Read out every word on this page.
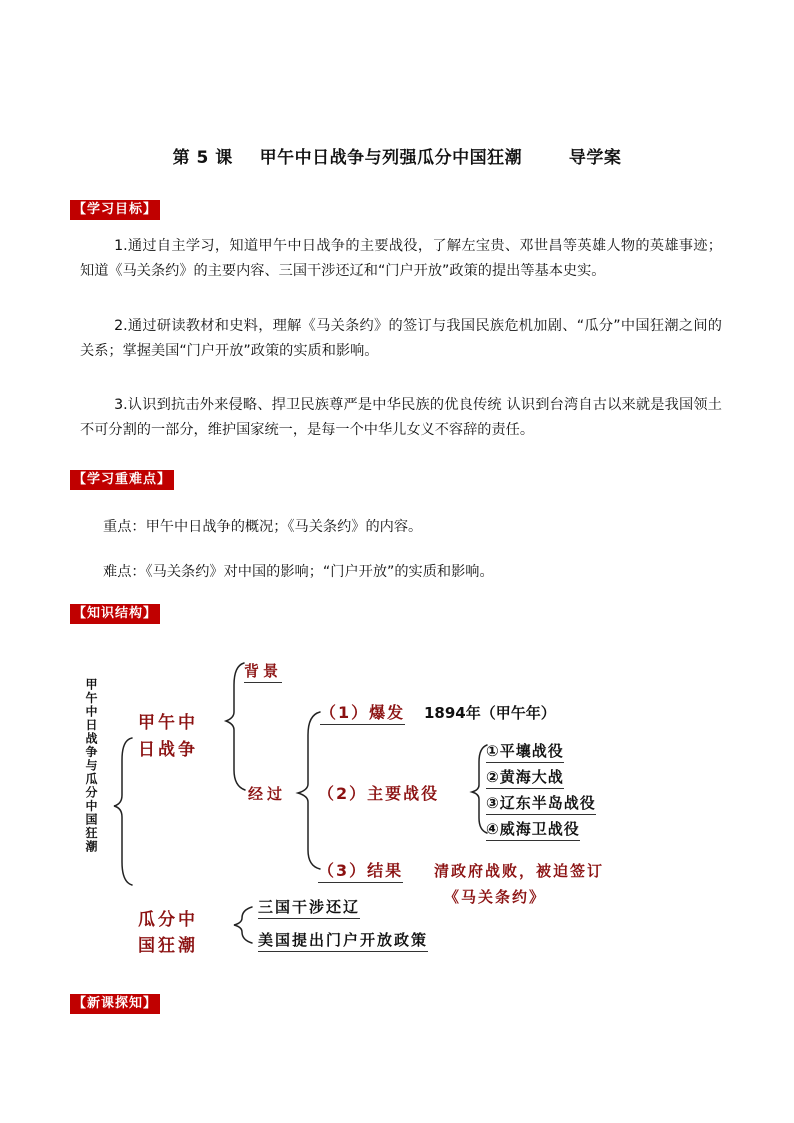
第 5 课 甲午中日战争与列强瓜分中国狂潮	导学案
【学习目标】
1.通过自主学习，知道甲午中日战争的主要战役，了解左宝贵、邓世昌等英雄人物的英雄事迹；知道《马关条约》的主要内容、三国干涉还辽和“门户开放”政策的提出等基本史实。
2.通过研读教材和史料，理解《马关条约》的签订与我国民族危机加剧、“瓜分”中国狂潮之间的关系；掌握美国“门户开放”政策的实质和影响。
3.认识到抗击外来侵略、捍卫民族尊严是中华民族的优良传统 认识到台湾自古以来就是我国领土不可分割的一部分，维护国家统一，是每一个中华儿女义不容辞的责任。
【学习重难点】
重点：甲午中日战争的概况；《马关条约》的内容。
难点：《马关条约》对中国的影响；“门户开放”的实质和影响。
【知识结构】
甲午中日战争与瓜分中国狂潮 甲午中
日战争
背景
经过
（1）爆发 1894年（甲午年）
（2）主要战役
①平壤战役
②黄海大战
③辽东半岛战役
④威海卫战役
（3）结果 清政府战败，被迫签订
《马关条约》
瓜分中
国狂潮
三国干涉还辽
美国提出门户开放政策
【新课探知】
